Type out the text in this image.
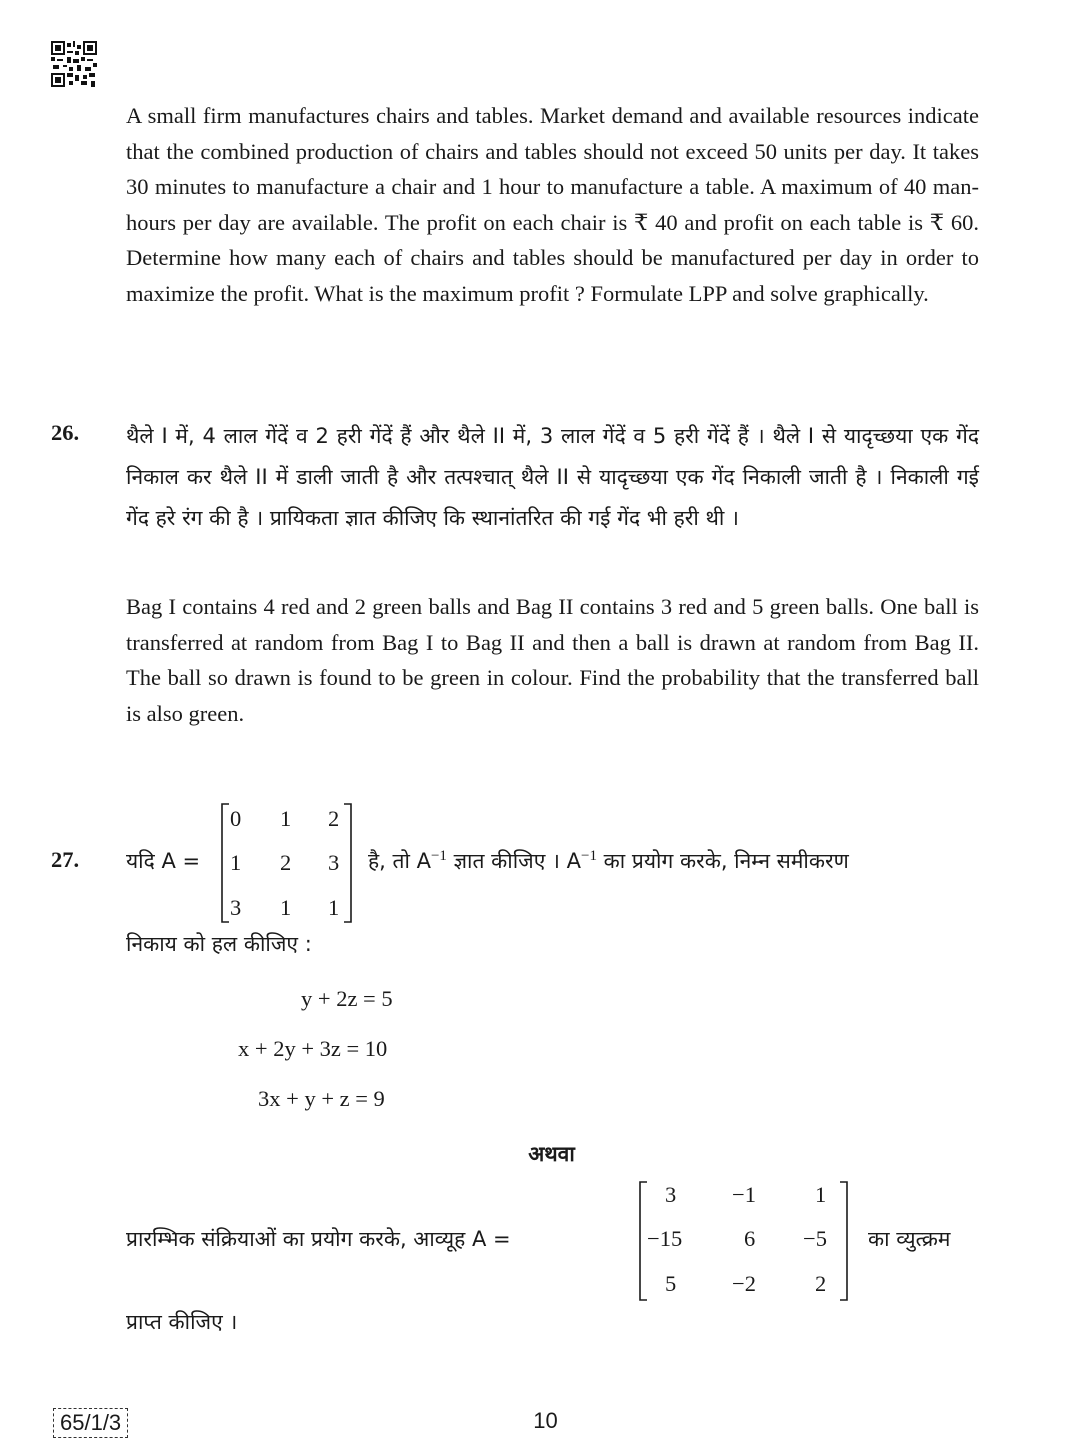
A small firm manufactures chairs and tables. Market demand and available resources indicate that the combined production of chairs and tables should not exceed 50 units per day. It takes 30 minutes to manufacture a chair and 1 hour to manufacture a table. A maximum of 40 man-hours per day are available. The profit on each chair is ₹ 40 and profit on each table is ₹ 60. Determine how many each of chairs and tables should be manufactured per day in order to maximize the profit. What is the maximum profit ? Formulate LPP and solve graphically.
26. थैले I में, 4 लाल गेंदें व 2 हरी गेंदें हैं और थैले II में, 3 लाल गेंदें व 5 हरी गेंदें हैं । थैले I से यादृच्छया एक गेंद निकाल कर थैले II में डाली जाती है और तत्पश्चात् थैले II से यादृच्छया एक गेंद निकाली जाती है । निकाली गई गेंद हरे रंग की है । प्रायिकता ज्ञात कीजिए कि स्थानांतरित की गई गेंद भी हरी थी ।
Bag I contains 4 red and 2 green balls and Bag II contains 3 red and 5 green balls. One ball is transferred at random from Bag I to Bag II and then a ball is drawn at random from Bag II. The ball so drawn is found to be green in colour. Find the probability that the transferred ball is also green.
27. यदि A =
0 1 2
1 2 3
3 1 1
है, तो $A^{-1}$ ज्ञात कीजिए । $A^{-1}$ का प्रयोग करके, निम्न समीकरण
निकाय को हल कीजिए :
y + 2z = 5
x + 2y + 3z = 10
3x + y + z = 9
अथवा
प्रारम्भिक संक्रियाओं का प्रयोग करके, आव्यूह A =
3 −1	1
−15	6 −5
5 −2	2
का व्युत्क्रम
प्राप्त कीजिए ।
65/1/3	10
